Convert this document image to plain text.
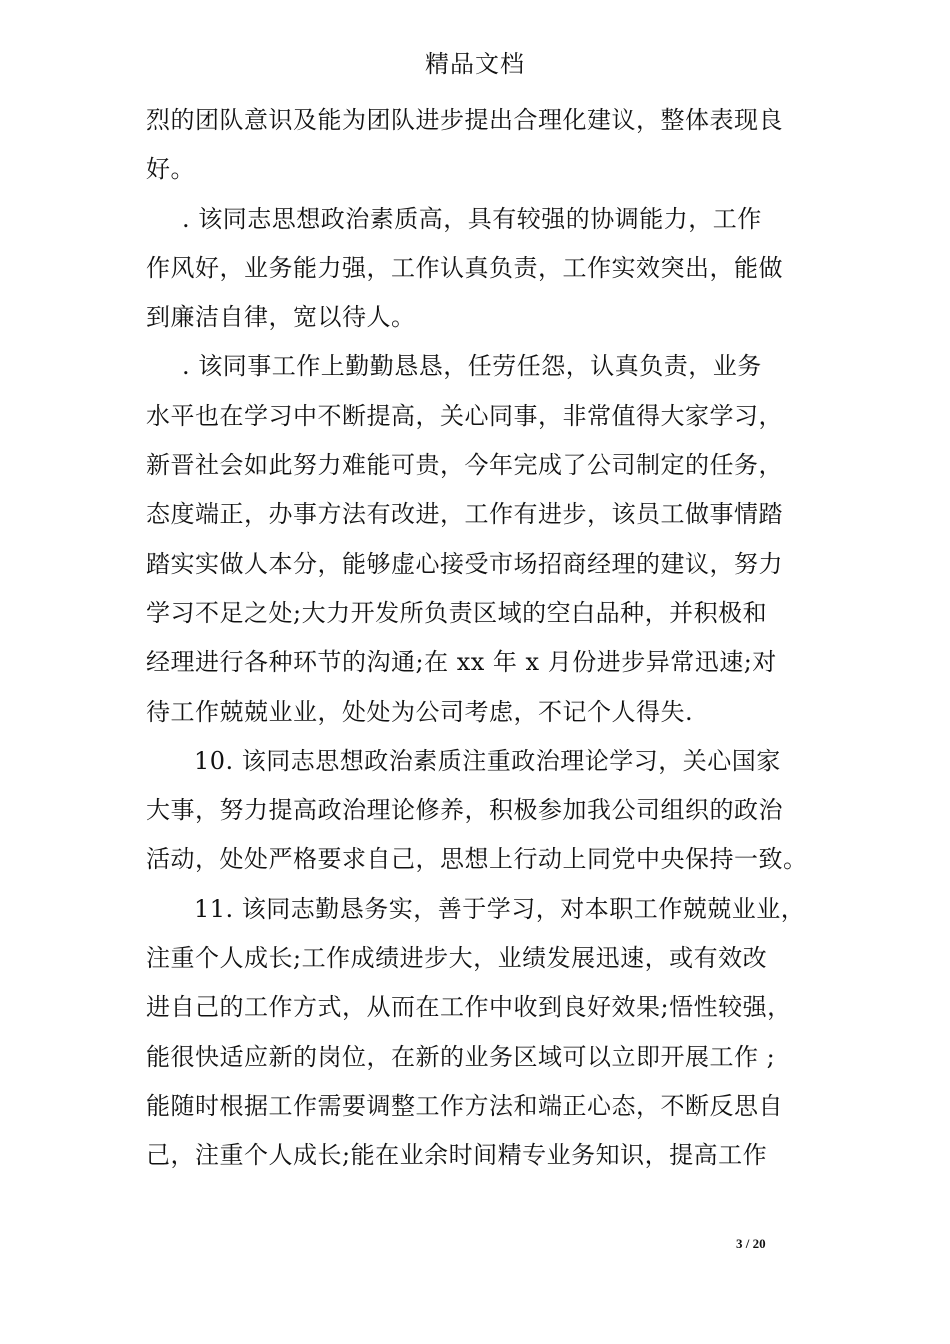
精品文档
烈的团队意识及能为团队进步提出合理化建议，整体表现良
好。
. 该同志思想政治素质高，具有较强的协调能力，工作
作风好，业务能力强，工作认真负责，工作实效突出，能做
到廉洁自律，宽以待人。
. 该同事工作上勤勤恳恳，任劳任怨，认真负责，业务
水平也在学习中不断提高，关心同事，非常值得大家学习，
新晋社会如此努力难能可贵，今年完成了公司制定的任务，
态度端正，办事方法有改进，工作有进步，该员工做事情踏
踏实实做人本分，能够虚心接受市场招商经理的建议，努力
学习不足之处;大力开发所负责区域的空白品种，并积极和
经理进行各种环节的沟通;在 xx 年 x 月份进步异常迅速;对
待工作兢兢业业，处处为公司考虑，不记个人得失.
10. 该同志思想政治素质注重政治理论学习，关心国家
大事，努力提高政治理论修养，积极参加我公司组织的政治
活动，处处严格要求自己，思想上行动上同党中央保持一致。
11. 该同志勤恳务实，善于学习，对本职工作兢兢业业，
注重个人成长;工作成绩进步大，业绩发展迅速，或有效改
进自己的工作方式，从而在工作中收到良好效果;悟性较强，
能很快适应新的岗位，在新的业务区域可以立即开展工作 ;
能随时根据工作需要调整工作方法和端正心态，不断反思自
己，注重个人成长;能在业余时间精专业务知识，提高工作
3 / 20
